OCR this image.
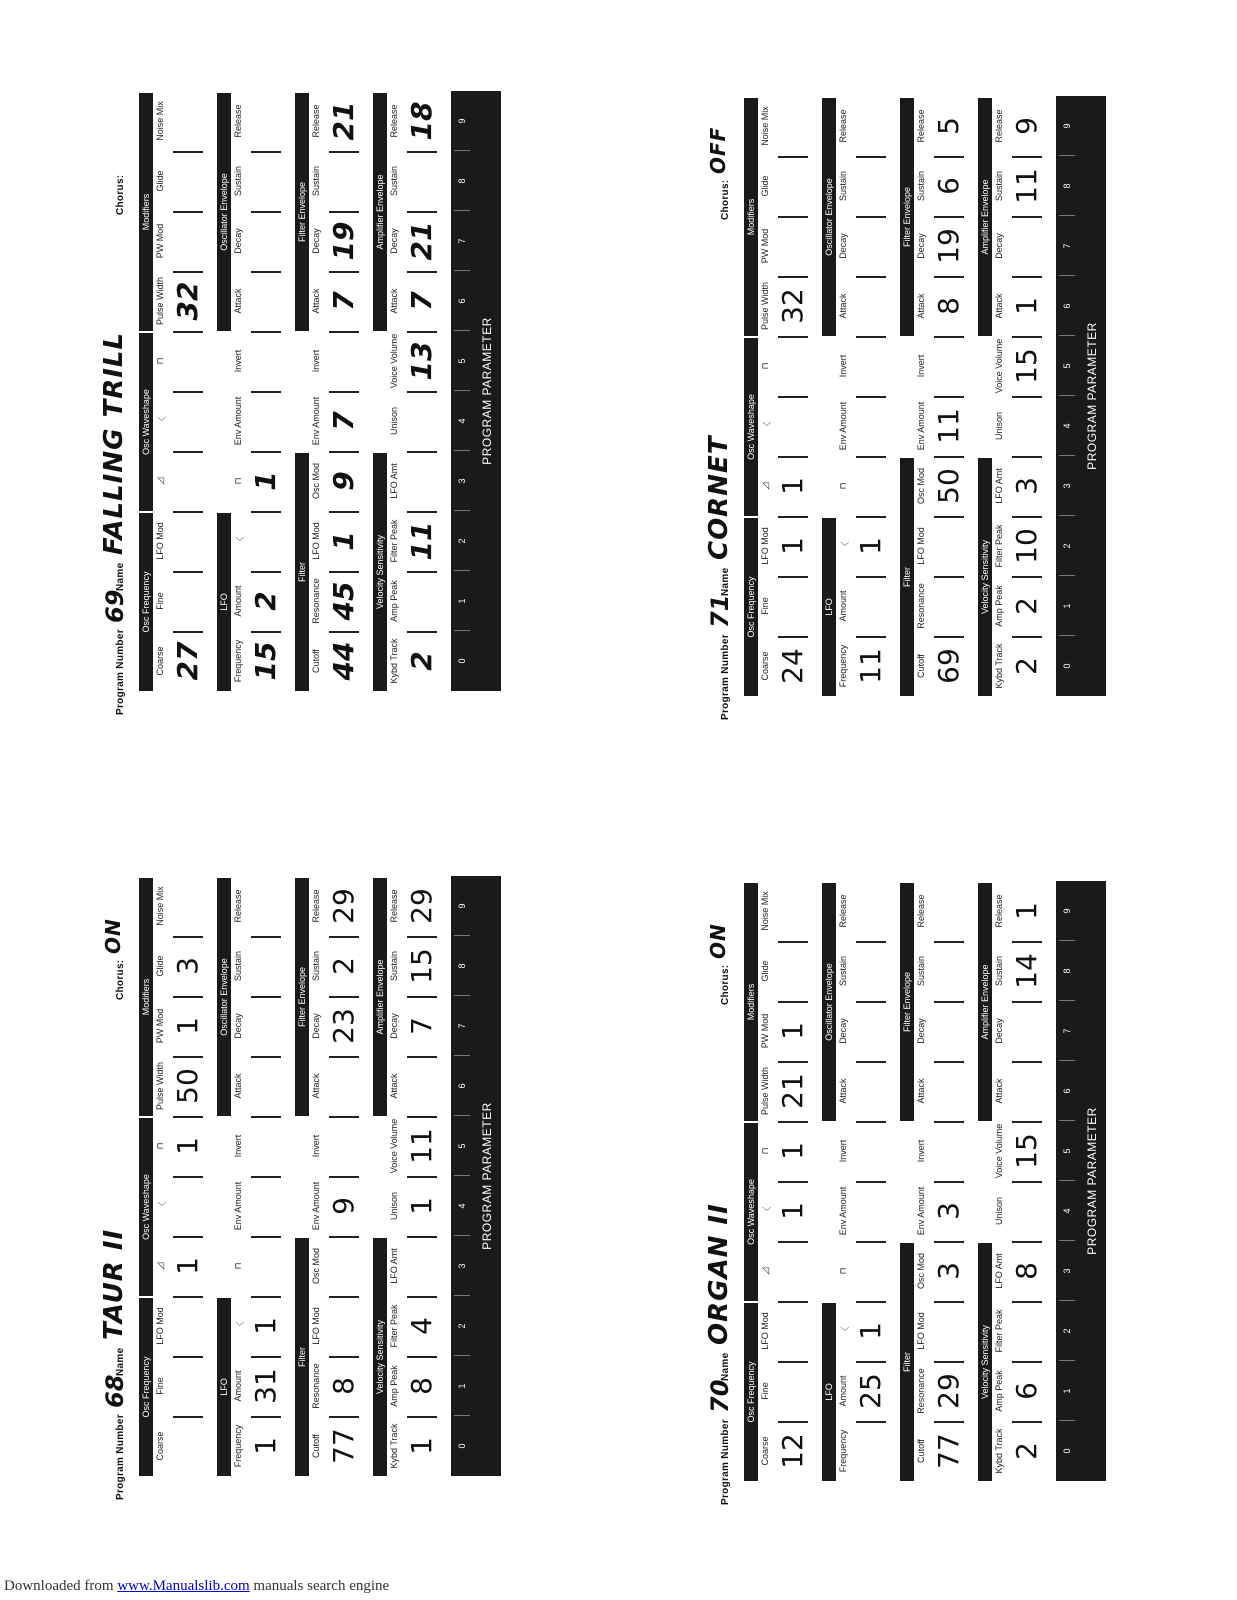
Program Number
68
Name
TAUR II
Chorus:
ON
Osc Frequency
Osc Waveshape
Modifiers
Coarse
Fine
LFO Mod
◿ 1
〈
⊓ 1
Pulse Width 50
PW Mod 1
Glide 3
Noise Mix
LFO
Oscillator Envelope
Frequency 1
Amount 31
〈 1
⊓
Env Amount
Invert
Attack
Decay
Sustain
Release
Filter
Filter Envelope
Cutoff 77
Resonance 8
LFO Mod
Osc Mod
Env Amount 9
Invert
Attack
Decay 23
Sustain 2
Release 29
Velocity Sensitivity
Amplifier Envelope
Kybd Track 1
Amp Peak 8
Filter Peak 4
LFO Amt
Unison 1
Voice Volume 11
Attack
Decay 7
Sustain 15
Release 29
0
1
2
3
4
5
6
7
8
9
PROGRAM PARAMETER
Program Number
69
Name
FALLING TRILL
Chorus:
Osc Frequency
Osc Waveshape
Modifiers
Coarse 27
Fine
LFO Mod
◿
〈
⊓
Pulse Width 32
PW Mod
Glide
Noise Mix
LFO
Oscillator Envelope
Frequency 15
Amount 2
〈
⊓ 1
Env Amount
Invert
Attack
Decay
Sustain
Release
Filter
Filter Envelope
Cutoff 44
Resonance 45
LFO Mod 1
Osc Mod 9
Env Amount 7
Invert
Attack 7
Decay 19
Sustain
Release 21
Velocity Sensitivity
Amplifier Envelope
Kybd Track 2
Amp Peak
Filter Peak 11
LFO Amt
Unison
Voice Volume 13
Attack 7
Decay 21
Sustain
Release 18
0
1
2
3
4
5
6
7
8
9
PROGRAM PARAMETER
Program Number
70
Name
ORGAN II
Chorus:
ON
Osc Frequency
Osc Waveshape
Modifiers
Coarse 12
Fine
LFO Mod
◿
〈 1
⊓ 1
Pulse Width 21
PW Mod 1
Glide
Noise Mix
LFO
Oscillator Envelope
Frequency
Amount 25
〈 1
⊓
Env Amount
Invert
Attack
Decay
Sustain
Release
Filter
Filter Envelope
Cutoff 77
Resonance 29
LFO Mod
Osc Mod 3
Env Amount 3
Invert
Attack
Decay
Sustain
Release
Velocity Sensitivity
Amplifier Envelope
Kybd Track 2
Amp Peak 6
Filter Peak
LFO Amt 8
Unison
Voice Volume 15
Attack
Decay
Sustain 14
Release 1
0
1
2
3
4
5
6
7
8
9
PROGRAM PARAMETER
Program Number
71
Name
CORNET
Chorus:
OFF
Osc Frequency
Osc Waveshape
Modifiers
Coarse 24
Fine
LFO Mod 1
◿ 1
〈
⊓
Pulse Width 32
PW Mod
Glide
Noise Mix
LFO
Oscillator Envelope
Frequency 11
Amount
〈 1
⊓
Env Amount
Invert
Attack
Decay
Sustain
Release
Filter
Filter Envelope
Cutoff 69
Resonance
LFO Mod
Osc Mod 50
Env Amount 11
Invert
Attack 8
Decay 19
Sustain 6
Release 5
Velocity Sensitivity
Amplifier Envelope
Kybd Track 2
Amp Peak 2
Filter Peak 10
LFO Amt 3
Unison
Voice Volume 15
Attack 1
Decay
Sustain 11
Release 9
0
1
2
3
4
5
6
7
8
9
PROGRAM PARAMETER
Downloaded from www.Manualslib.com manuals search engine
